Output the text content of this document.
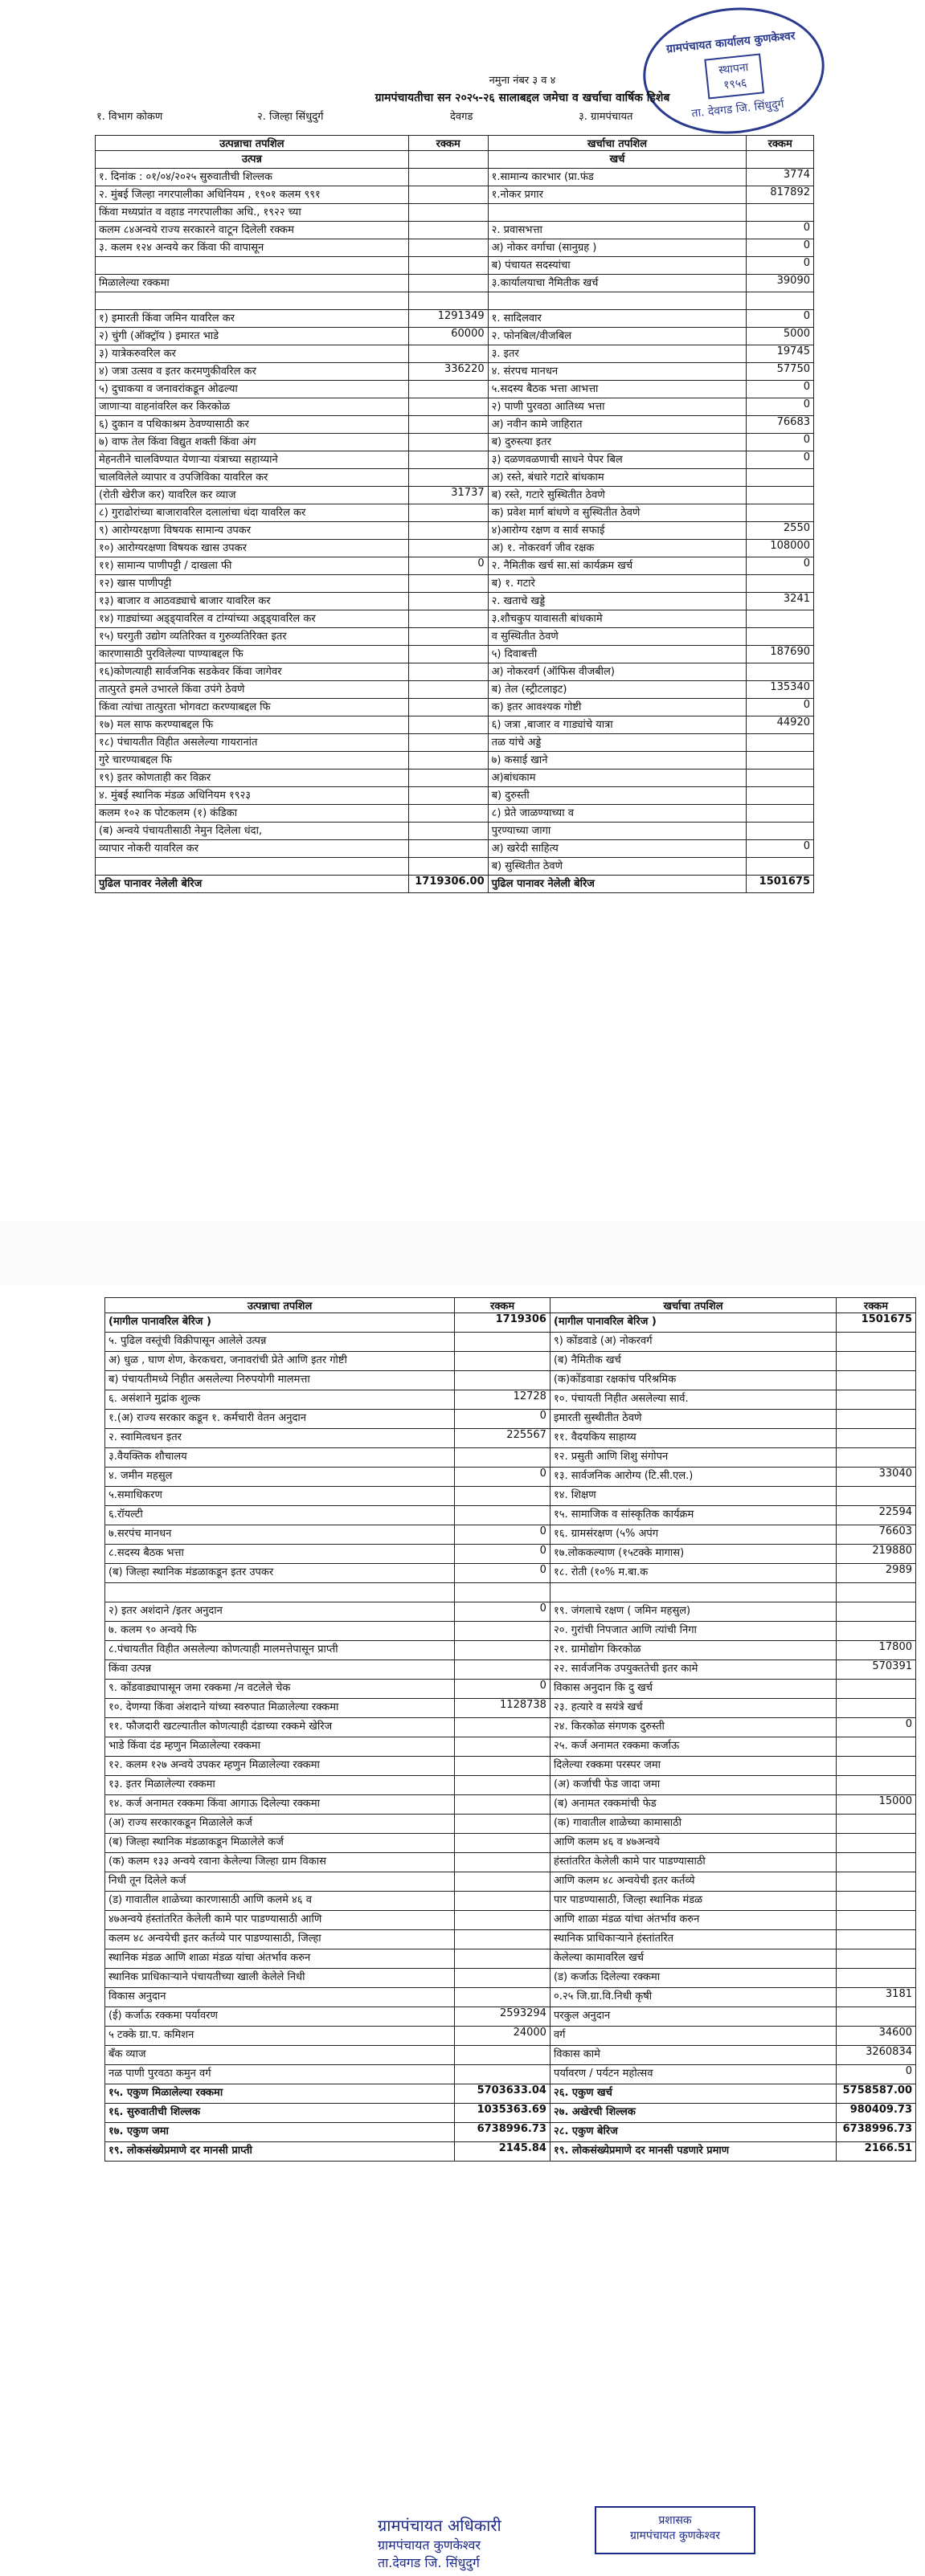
ग्रामपंचायत कार्यालय कुणकेश्वर
स्थापना
१९५६
ता. देवगड जि. सिंधुदुर्ग
नमुना नंबर ३ व ४
ग्रामपंचायतीचा सन २०२५-२६ सालाबद्दल जमेचा व खर्चाचा वार्षिक हिशेब
१. विभाग कोकण	२. जिल्हा सिंधुदुर्ग	देवगड	३. ग्रामपंचायत
उत्पन्नाचा तपशिल	रक्कम	खर्चाचा तपशिल	रक्कम
उत्पन्न		खर्च	
१. दिनांक : ०१/०४/२०२५ सुरुवातीची शिल्लक		१.सामान्य कारभार (प्रा.फंड	3774
२. मुंबई जिल्हा नगरपालीका अधिनियम , १९०१ कलम ९९१		१.नोकर प्रगार	817892
किंवा मध्यप्रांत व वहाड नगरपालीका अधि., १९२२ च्या			
कलम ८४अन्वये राज्य सरकारने वाटून दिलेली रक्कम		२. प्रवासभत्ता	0
३. कलम १२४ अन्वये कर किंवा फी वापासून		अ) नोकर वर्गाचा (सानुग्रह )	0
		ब) पंचायत सदस्यांचा	0
मिळालेल्या रक्कमा		३.कार्यालयाचा नैमितीक खर्च	39090

१) इमारती किंवा जमिन यावरिल कर	1291349	१. सादिलवार	0
२) चुंगी (ऑक्ट्रॉय ) इमारत भाडे	60000	२. फोनबिल/वीजबिल	5000
३) यात्रेकरुवरिल कर		३. इतर	19745
४) जत्रा उत्सव व इतर करमणुकीवरिल कर	336220	४. संरपच मानधन	57750
५) दुचाकया व जनावरांकडून ओढल्या		५.सदस्य बैठक भत्ता आभत्ता	0
जाणाऱ्या वाहनांवरिल कर किरकोळ		२) पाणी पुरवठा आतिथ्य भत्ता	0
६) दुकान व पथिकाश्रम ठेवण्यासाठी कर		अ) नवीन कामे जाहिरात	76683
७) वाफ तेल किंवा विद्युत शक्ती किंवा अंग		ब) दुरुस्त्या इतर	0
मेहनतीने चालविण्यात येणाऱ्या यंत्राच्या सहाय्याने		३) दळणवळणाची साधने पेपर बिल	0
चालविलेले व्यापार व उपजिविका यावरिल कर		अ) रस्ते, बंधारे गटारे बांधकाम	
(रोती खेरीज कर) यावरिल कर व्याज	31737	ब) रस्ते, गटारे सुस्थितीत ठेवणे	
८) गुराढोरांच्या बाजारावरिल दलालांचा धंदा यावरिल कर		क) प्रवेश मार्ग बांधणे व सुस्थितीत ठेवणे	
९) आरोग्यरक्षणा विषयक सामान्य उपकर		४)आरोग्य रक्षण व सार्व सफाई	2550
१०) आरोग्यरक्षणा विषयक खास उपकर		अ) १. नोकरवर्ग जीव रक्षक	108000
११) सामान्य पाणीपट्टी / दाखला फी	0	२. नैमितीक खर्च सा.सां कार्यक्रम खर्च	0
१२) खास पाणीपट्टी		ब) १. गटारे	
१३) बाजार व आठवड्याचे बाजार यावरिल कर		२. खताचे खड्डे	3241
१४) गाड्यांच्या अड्ड्यावरिल व टांग्यांच्या अड्ड्यावरिल कर		३.शौचकुप यावासती बांधकामे	
१५) घरगुती उद्योग व्यतिरिक्त व गुरुव्यतिरिक्त इतर		व सुस्थितीत ठेवणे	
कारणासाठी पुरविलेल्या पाण्याबद्दल फि		५) दिवाबत्ती	187690
१६)कोणत्याही सार्वजनिक सडकेवर किंवा जागेवर		अ) नोकरवर्ग (ऑफिस वीजबील)	
तात्पुरते इमले उभारले किंवा उपंगे ठेवणे		ब) तेल (स्ट्रीटलाइट)	135340
किंवा त्यांचा तात्पुरता भोगवटा करण्याबद्दल फि		क) इतर आवश्यक गोष्टी	0
१७) मल साफ करण्याबद्दल फि		६) जत्रा ,बाजार व गाड्यांचे यात्रा	44920
१८) पंचायतीत विहीत असलेल्या गायरानांत		तळ यांचे अड्डे	
गुरे चारण्याबद्दल फि		७) कसाई खाने	
१९) इतर कोणताही कर विक्रर		अ)बांधकाम	
४. मुंबई स्थानिक मंडळ अधिनियम १९२३		ब) दुरुस्ती	
कलम १०२ क पोटकलम (१) कंडिका		८) प्रेते जाळण्याच्या व	
(ब) अन्वये पंचायतीसाठी नेमुन दिलेला धंदा,		पुरण्याच्या जागा	
व्यापार नोकरी यावरिल कर		अ) खरेदी साहित्य	0
		ब) सुस्थितीत ठेवणे	
पुढिल पानावर नेलेली बेरिज	1719306.00	पुढिल पानावर नेलेली बेरिज	1501675
उत्पन्नाचा तपशिल	रक्कम	खर्चाचा तपशिल	रक्कम
(मागील पानावरिल बेरिज )	1719306	(मागील पानावरिल बेरिज )	1501675
५. पुढिल वस्तूंची विक्रीपासून आलेले उत्पन्न		९) कोंडवाडे (अ) नोकरवर्ग	
अ) धुळ , घाण शेण, केरकचरा, जनावरांची प्रेते आणि इतर गोष्टी		(ब) नैमितीक खर्च	
ब) पंचायतीमध्ये निहीत असलेल्या निरुपयोगी मालमत्ता		(क)कोंडवाडा रक्षकांच परिश्रमिक	
६. असंशाने मुद्रांक शुल्क	12728	१०. पंचायती निहीत असलेल्या सार्व.	
१.(अ) राज्य सरकार कडून १. कर्मचारी वेतन अनुदान	0	इमारती सुस्थीतीत ठेवणे	
२. स्वामित्वधन इतर	225567	११. वैदयकिय साहाय्य	
३.वैयक्तिक शौचालय		१२. प्रसुती आणि शिशु संगोपन	
४. जमीन महसुल	0	१३. सार्वजनिक आरोग्य (टि.सी.एल.)	33040
५.समाधिकरण		१४. शिक्षण	
६.रॉयल्टी		१५. सामाजिक व सांस्कृतिक कार्यक्रम	22594
७.सरपंच मानधन	0	१६. ग्रामसंरक्षण (५% अपंग	76603
८.सदस्य बैठक भत्ता	0	१७.लोककल्याण (१५टक्के मागास)	219880
(ब) जिल्हा स्थानिक मंडळाकडून इतर उपकर	0	१८. रोती (१०% म.बा.क	2989

२) इतर अशंदाने /इतर अनुदान	0	१९. जंगलाचे रक्षण ( जमिन महसुल)	
७. कलम ९० अन्वये फि		२०. गुरांची निपजात आणि त्यांची निगा	
८.पंचायतीत विहीत असलेल्या कोणत्याही मालमत्तेपासून प्राप्ती		२१. ग्रामोद्योग किरकोळ	17800
किंवा उत्पन्न		२२. सार्वजनिक उपयुक्ततेची इतर कामे	570391
९. कोंडवाड्यापासून जमा रक्कमा /न वटलेले चेक	0	विकास अनुदान कि दु खर्च	
१०. देणग्या किंवा अंशदाने यांच्या स्वरुपात मिळालेल्या रक्कमा	1128738	२३. हत्यारे व सयंत्रे खर्च	
११. फौजदारी खटल्यातील कोणत्याही दंडाच्या रक्कमे खेरिज		२४. किरकोळ संगणक दुरुस्ती	0
भाडे किंवा दंड म्हणुन मिळालेल्या रक्कमा		२५. कर्ज अनामत रक्कमा कर्जाऊ	
१२. कलम १२७ अन्वये उपकर म्हणुन मिळालेल्या रक्कमा		दिलेल्या रक्कमा परस्पर जमा	
१३. इतर मिळालेल्या रक्कमा		(अ) कर्जाची फेड जादा जमा	
१४. कर्ज अनामत रक्कमा किंवा आगाऊ दिलेल्या रक्कमा		(ब) अनामत रक्कमांची फेड	15000
(अ) राज्य सरकारकडून मिळालेले कर्ज		(क) गावातील शाळेच्या कामासाठी	
(ब) जिल्हा स्थानिक मंडळाकडून मिळालेले कर्ज		आणि कलम ४६ व ४७अन्वये	
(क) कलम १३३ अन्वये रवाना केलेल्या जिल्हा ग्राम विकास		हंस्तांतरित केलेली कामे पार पाडण्यासाठी	
निधी तून दिलेले कर्ज		आणि कलम ४८ अन्वयेची इतर कर्तव्ये	
(ड) गावातील शाळेच्या कारणासाठी आणि कलमे ४६ व		पार पाडण्यासाठी, जिल्हा स्थानिक मंडळ	
४७अन्वये हंस्तांतरित केलेली कामे पार पाडण्यासाठी आणि		आणि शाळा मंडळ यांचा अंतर्भाव करुन	
कलम ४८ अन्वयेची इतर कर्तव्ये पार पाडण्यासाठी, जिल्हा		स्थानिक प्राधिकाऱ्याने हंस्तांतरित	
स्थानिक मंडळ आणि शाळा मंडळ यांचा अंतर्भाव करुन		केलेल्या कामावरिल खर्च	
स्थानिक प्राधिकाऱ्याने पंचायतीच्या खाली केलेले निधी		(ड) कर्जाऊ दिलेल्या रक्कमा	
विकास अनुदान		०.२५ जि.ग्रा.वि.निधी कृषी	3181
(ई) कर्जाऊ रक्कमा पर्यावरण	2593294	परकुल अनुदान	
५ टक्के ग्रा.प. कमिशन	24000	वर्ग	34600
बँक व्याज		विकास कामे	3260834
नळ पाणी पुरवठा कमुन वर्ग		पर्यावरण / पर्यटन महोत्सव	0
१५. एकुण मिळालेल्या रक्कमा	5703633.04	२६. एकुण खर्च	5758587.00
१६. सुरुवातीची शिल्लक	1035363.69	२७. अखेरची शिल्लक	980409.73
१७. एकुण जमा	6738996.73	२८. एकुण बेरिज	6738996.73
१९. लोकसंख्येप्रमाणे दर मानसी प्राप्ती	2145.84	१९. लोकसंख्येप्रमाणे दर मानसी पडणारे प्रमाण	2166.51
ग्रामपंचायत अधिकारी
ग्रामपंचायत कुणकेश्वर
ता.देवगड जि. सिंधुदुर्ग
प्रशासक
ग्रामपंचायत कुणकेश्वर
